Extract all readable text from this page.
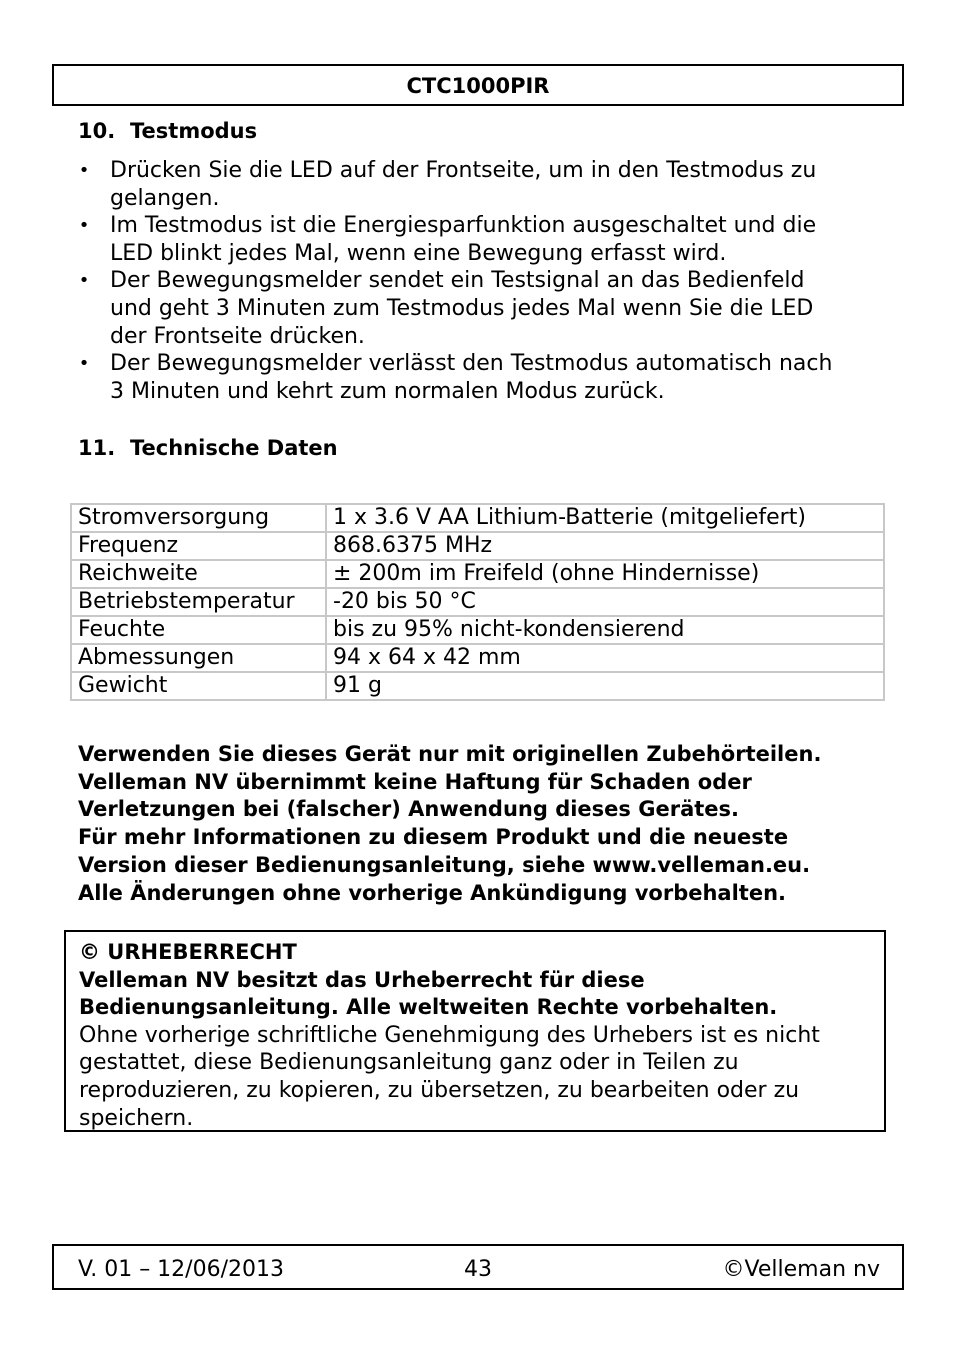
CTC1000PIR
10. Testmodus
• Drücken Sie die LED auf der Frontseite, um in den Testmodus zu
gelangen.
• Im Testmodus ist die Energiesparfunktion ausgeschaltet und die
LED blinkt jedes Mal, wenn eine Bewegung erfasst wird.
• Der Bewegungsmelder sendet ein Testsignal an das Bedienfeld
und geht 3 Minuten zum Testmodus jedes Mal wenn Sie die LED
der Frontseite drücken.
• Der Bewegungsmelder verlässt den Testmodus automatisch nach
3 Minuten und kehrt zum normalen Modus zurück.
11. Technische Daten
Stromversorgung	1 x 3.6 V AA Lithium-Batterie (mitgeliefert)
Frequenz	868.6375 MHz
Reichweite	± 200m im Freifeld (ohne Hindernisse)
Betriebstemperatur	-20 bis 50 °C
Feuchte	bis zu 95% nicht-kondensierend
Abmessungen	94 x 64 x 42 mm
Gewicht	91 g

Verwenden Sie dieses Gerät nur mit originellen Zubehörteilen.

Velleman NV übernimmt keine Haftung für Schaden oder

Verletzungen bei (falscher) Anwendung dieses Gerätes.

Für mehr Informationen zu diesem Produkt und die neueste

Version dieser Bedienungsanleitung, siehe www.velleman.eu.

Alle Änderungen ohne vorherige Ankündigung vorbehalten.

© URHEBERRECHT

Velleman NV besitzt das Urheberrecht für diese

Bedienungsanleitung. Alle weltweiten Rechte vorbehalten.

Ohne vorherige schriftliche Genehmigung des Urhebers ist es nicht

gestattet, diese Bedienungsanleitung ganz oder in Teilen zu

reproduzieren, zu kopieren, zu übersetzen, zu bearbeiten oder zu

speichern.

V. 01 – 12/06/2013	43	©Velleman nv
